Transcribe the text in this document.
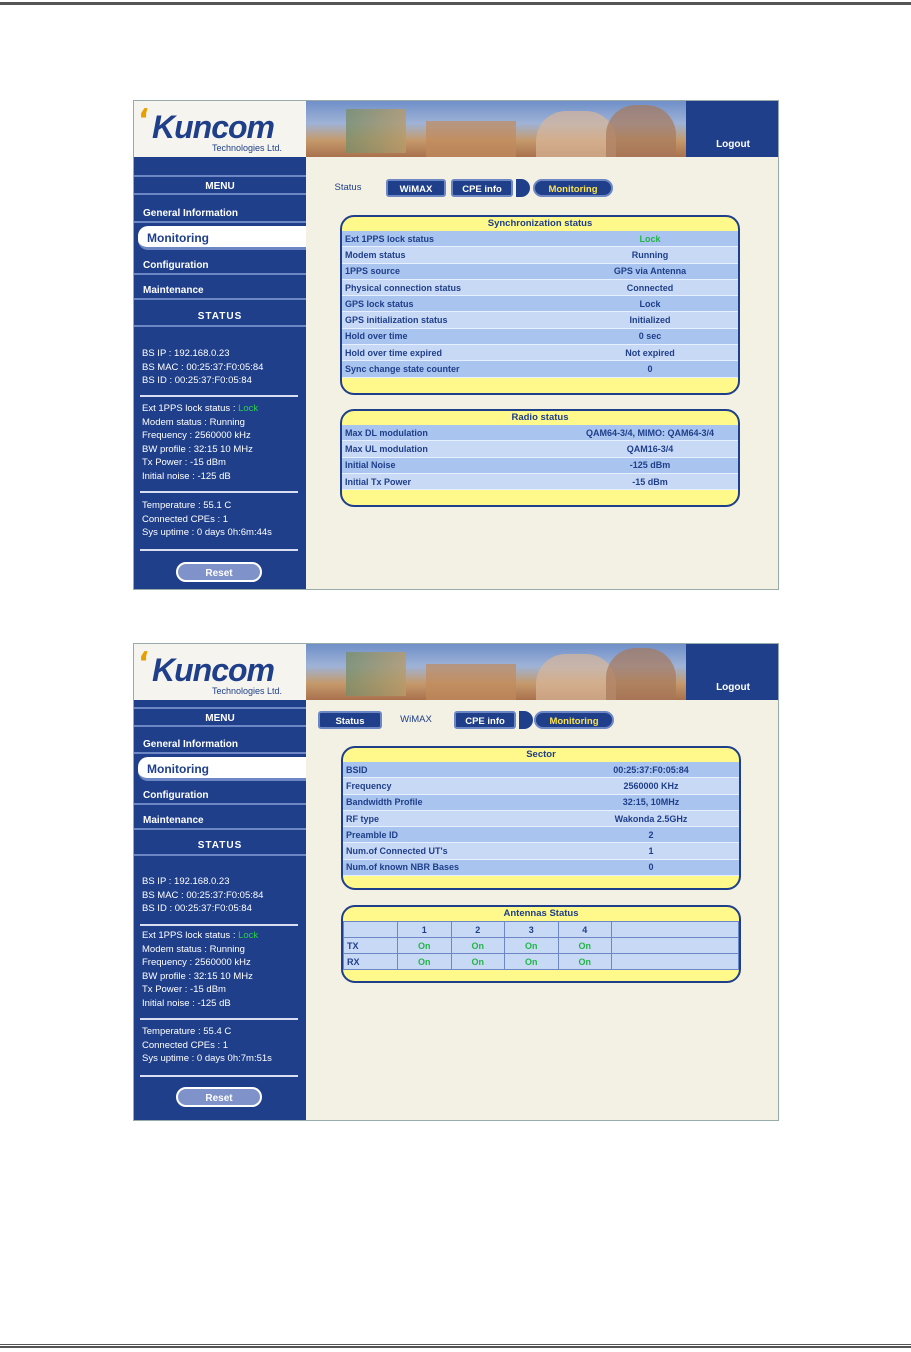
‘ Kuncom
Technologies Ltd.	Logout
MENU
General Information
Monitoring
Configuration
Maintenance
STATUS
BS IP : 192.168.0.23
BS MAC : 00:25:37:F0:05:84
BS ID : 00:25:37:F0:05:84
Ext 1PPS lock status : Lock
Modem status : Running
Frequency : 2560000 kHz
BW profile : 32:15 10 MHz
Tx Power : -15 dBm
Initial noise : -125 dB
Temperature : 55.1 C
Connected CPEs : 1
Sys uptime : 0 days 0h:6m:44s
Reset
Status	WiMAX	CPE info	Monitoring
Synchronization status
Ext 1PPS lock status	Lock
Modem status	Running
1PPS source	GPS via Antenna
Physical connection status	Connected
GPS lock status	Lock
GPS initialization status	Initialized
Hold over time	0 sec
Hold over time expired	Not expired
Sync change state counter	0
Radio status
Max DL modulation	QAM64-3/4, MIMO: QAM64-3/4
Max UL modulation	QAM16-3/4
Initial Noise	-125 dBm
Initial Tx Power	-15 dBm
‘ Kuncom
Technologies Ltd.	Logout
MENU
General Information
Monitoring
Configuration
Maintenance
STATUS
BS IP : 192.168.0.23
BS MAC : 00:25:37:F0:05:84
BS ID : 00:25:37:F0:05:84
Ext 1PPS lock status : Lock
Modem status : Running
Frequency : 2560000 kHz
BW profile : 32:15 10 MHz
Tx Power : -15 dBm
Initial noise : -125 dB
Temperature : 55.4 C
Connected CPEs : 1
Sys uptime : 0 days 0h:7m:51s
Reset
Status	WiMAX	CPE info	Monitoring
Sector
BSID	00:25:37:F0:05:84
Frequency	2560000 KHz
Bandwidth Profile	32:15, 10MHz
RF type	Wakonda 2.5GHz
Preamble ID	2
Num.of Connected UT's	1
Num.of known NBR Bases	0
Antennas Status
	1	2	3	4	
TX	On	On	On	On	
RX	On	On	On	On	
